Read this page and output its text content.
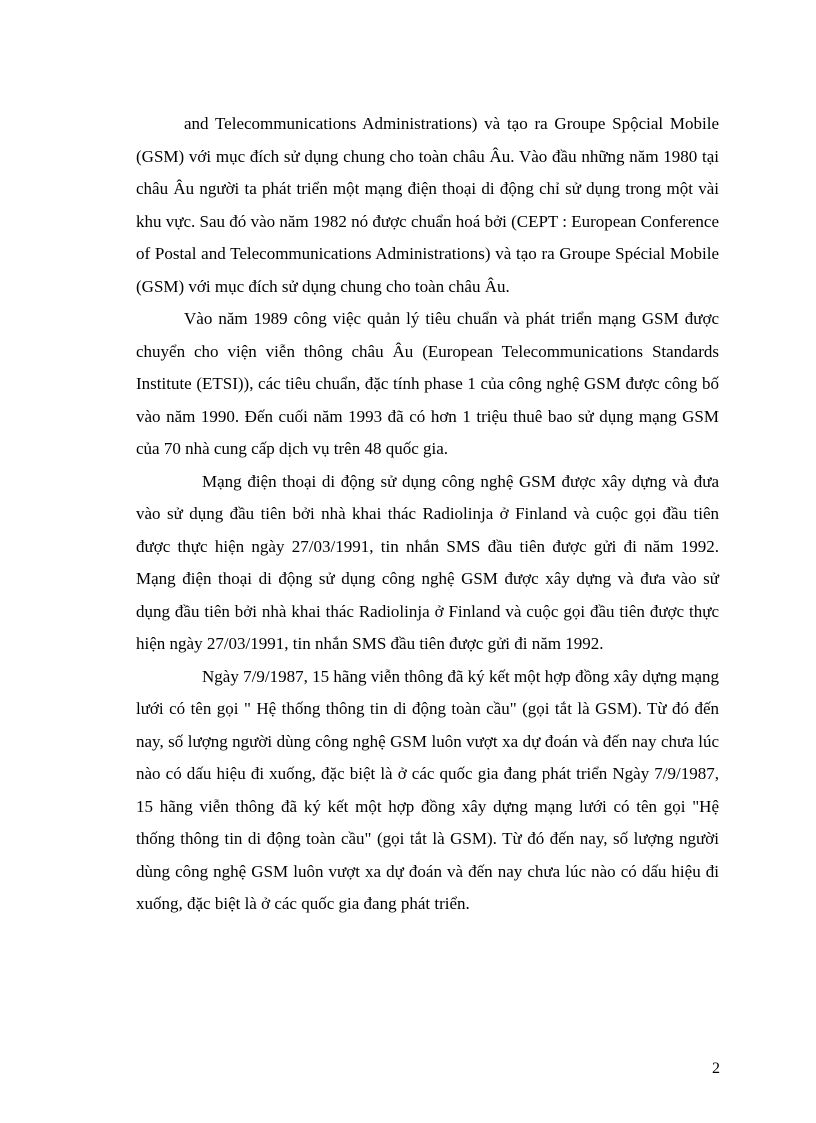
and Telecommunications Administrations) và tạo ra Groupe Spộcial Mobile (GSM) với mục đích sử dụng chung cho toàn châu Âu. Vào đầu những năm 1980 tại châu Âu người ta phát triển một mạng điện thoại di động chỉ sử dụng trong một vài khu vực. Sau đó vào năm 1982 nó được chuẩn hoá bởi (CEPT : European Conference of Postal and Telecommunications Administrations) và tạo ra Groupe Spécial Mobile (GSM) với mục đích sử dụng chung cho toàn châu Âu.

Vào năm 1989 công việc quản lý tiêu chuẩn và phát triển mạng GSM được chuyển cho viện viễn thông châu Âu (European Telecommunications Standards Institute (ETSI)), các tiêu chuẩn, đặc tính phase 1 của công nghệ GSM được công bố vào năm 1990. Đến cuối năm 1993 đã có hơn 1 triệu thuê bao sử dụng mạng GSM của 70 nhà cung cấp dịch vụ trên 48 quốc gia.

Mạng điện thoại di động sử dụng công nghệ GSM được xây dựng và đưa vào sử dụng đầu tiên bởi nhà khai thác Radiolinja ở Finland và cuộc gọi đầu tiên được thực hiện ngày 27/03/1991, tin nhắn SMS đầu tiên được gửi đi năm 1992. Mạng điện thoại di động sử dụng công nghệ GSM được xây dựng và đưa vào sử dụng đầu tiên bởi nhà khai thác Radiolinja ở Finland và cuộc gọi đầu tiên được thực hiện ngày 27/03/1991, tin nhắn SMS đầu tiên được gửi đi năm 1992.

Ngày 7/9/1987, 15 hãng viễn thông đã ký kết một hợp đồng xây dựng mạng lưới có tên gọi " Hệ thống thông tin di động toàn cầu" (gọi tắt là GSM). Từ đó đến nay, số lượng người dùng công nghệ GSM luôn vượt xa dự đoán và đến nay chưa lúc nào có dấu hiệu đi xuống, đặc biệt là ở các quốc gia đang phát triển Ngày 7/9/1987, 15 hãng viễn thông đã ký kết một hợp đồng xây dựng mạng lưới có tên gọi "Hệ thống thông tin di động toàn cầu" (gọi tắt là GSM). Từ đó đến nay, số lượng người dùng công nghệ GSM luôn vượt xa dự đoán và đến nay chưa lúc nào có dấu hiệu đi xuống, đặc biệt là ở các quốc gia đang phát triển.

2
